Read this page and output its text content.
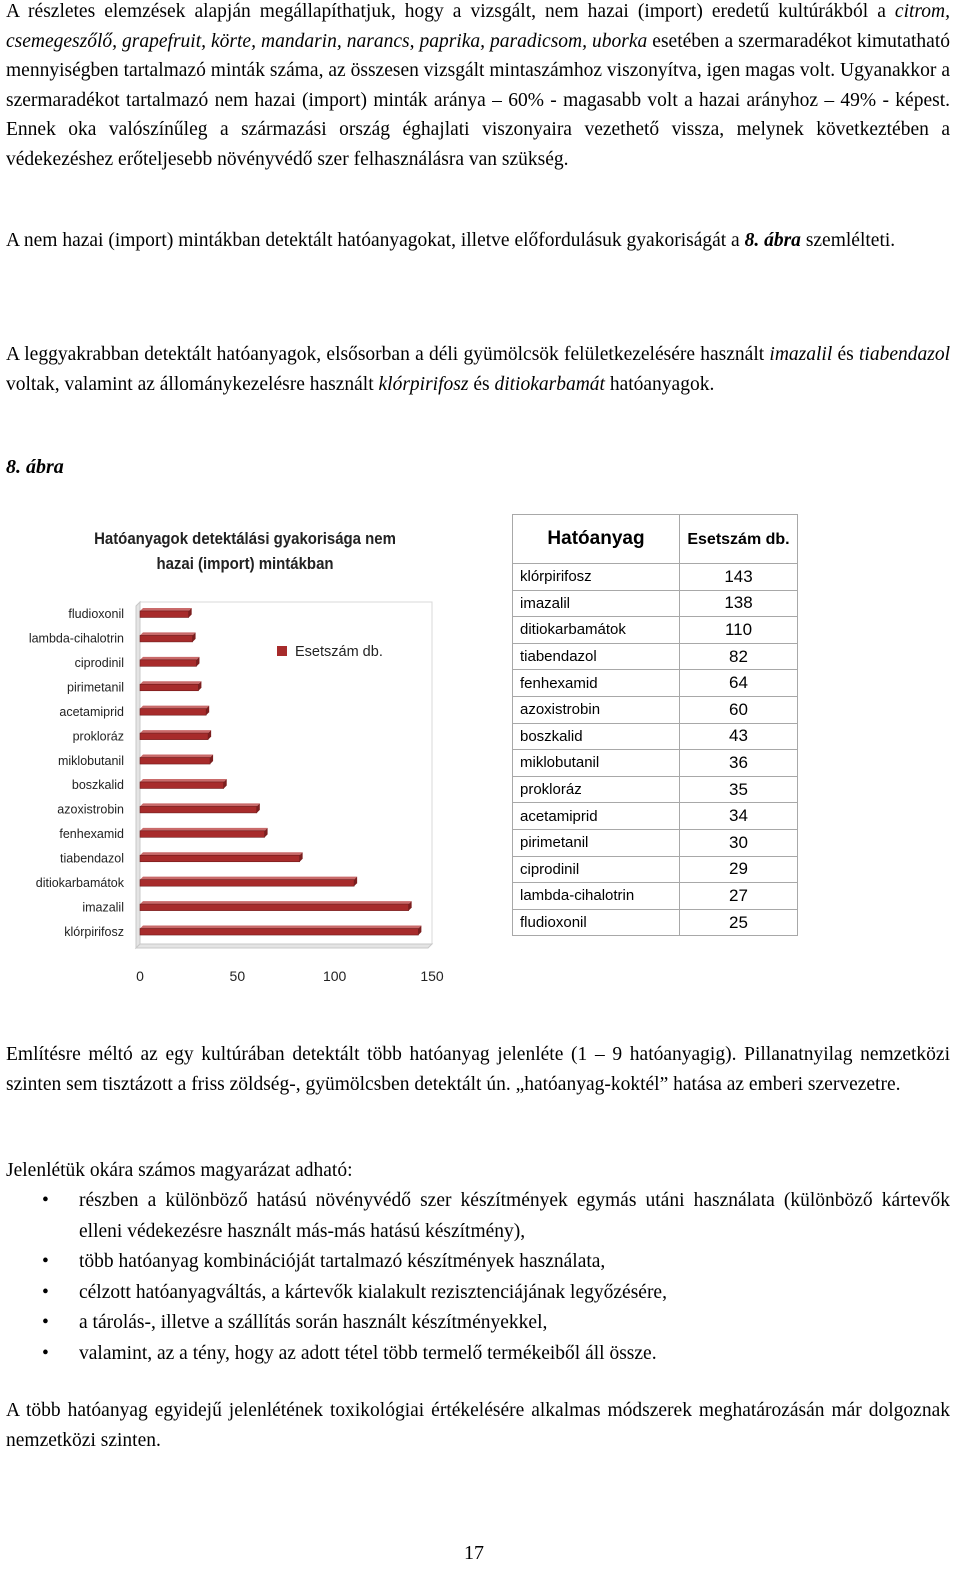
A részletes elemzések alapján megállapíthatjuk, hogy a vizsgált, nem hazai (import) eredetű kultúrákból a citrom, csemegeszőlő, grapefruit, körte, mandarin, narancs, paprika, paradicsom, uborka esetében a szermaradékot kimutatható mennyiségben tartalmazó minták száma, az összesen vizsgált mintaszámhoz viszonyítva, igen magas volt. Ugyanakkor a szermaradékot tartalmazó nem hazai (import) minták aránya – 60% - magasabb volt a hazai arányhoz – 49% - képest. Ennek oka valószínűleg a származási ország éghajlati viszonyaira vezethető vissza, melynek következtében a védekezéshez erőteljesebb növényvédő szer felhasználásra van szükség.

A nem hazai (import) mintákban detektált hatóanyagokat, illetve előfordulásuk gyakoriságát a 8. ábra szemlélteti.

A leggyakrabban detektált hatóanyagok, elsősorban a déli gyümölcsök felületkezelésére használt imazalil és tiabendazol voltak, valamint az állománykezelésre használt klórpirifosz és ditiokarbamát hatóanyagok.

8. ábra
fludioxonil
lambda-cihalotrin
ciprodinil
pirimetanil
acetamiprid
prokloráz
miklobutanil
boszkalid
azoxistrobin
fenhexamid
tiabendazol
ditiokarbamátok
imazalil
klórpirifosz
0	50	100	150
Esetszám db.
Hatóanyagok detektálási gyakorisága nem hazai (import) mintákban
Hatóanyag	Esetszám db.
klórpirifosz	143
imazalil	138
ditiokarbamátok	110
tiabendazol	82
fenhexamid	64
azoxistrobin	60
boszkalid	43
miklobutanil	36
prokloráz	35
acetamiprid	34
pirimetanil	30
ciprodinil	29
lambda-cihalotrin	27
fludioxonil	25

Említésre méltó az egy kultúrában detektált több hatóanyag jelenléte (1 – 9 hatóanyagig). Pillanatnyilag nemzetközi szinten sem tisztázott a friss zöldség-, gyümölcsben detektált ún. „hatóanyag-koktél” hatása az emberi szervezetre.

Jelenlétük okára számos magyarázat adható:

• részben a különböző hatású növényvédő szer készítmények egymás utáni használata (különböző kártevők elleni védekezésre használt más-más hatású készítmény),
• több hatóanyag kombinációját tartalmazó készítmények használata,
• célzott hatóanyagváltás, a kártevők kialakult rezisztenciájának legyőzésére,
• a tárolás-, illetve a szállítás során használt készítményekkel,
• valamint, az a tény, hogy az adott tétel több termelő termékeiből áll össze.

A több hatóanyag egyidejű jelenlétének toxikológiai értékelésére alkalmas módszerek meghatározásán már dolgoznak nemzetközi szinten.

17
